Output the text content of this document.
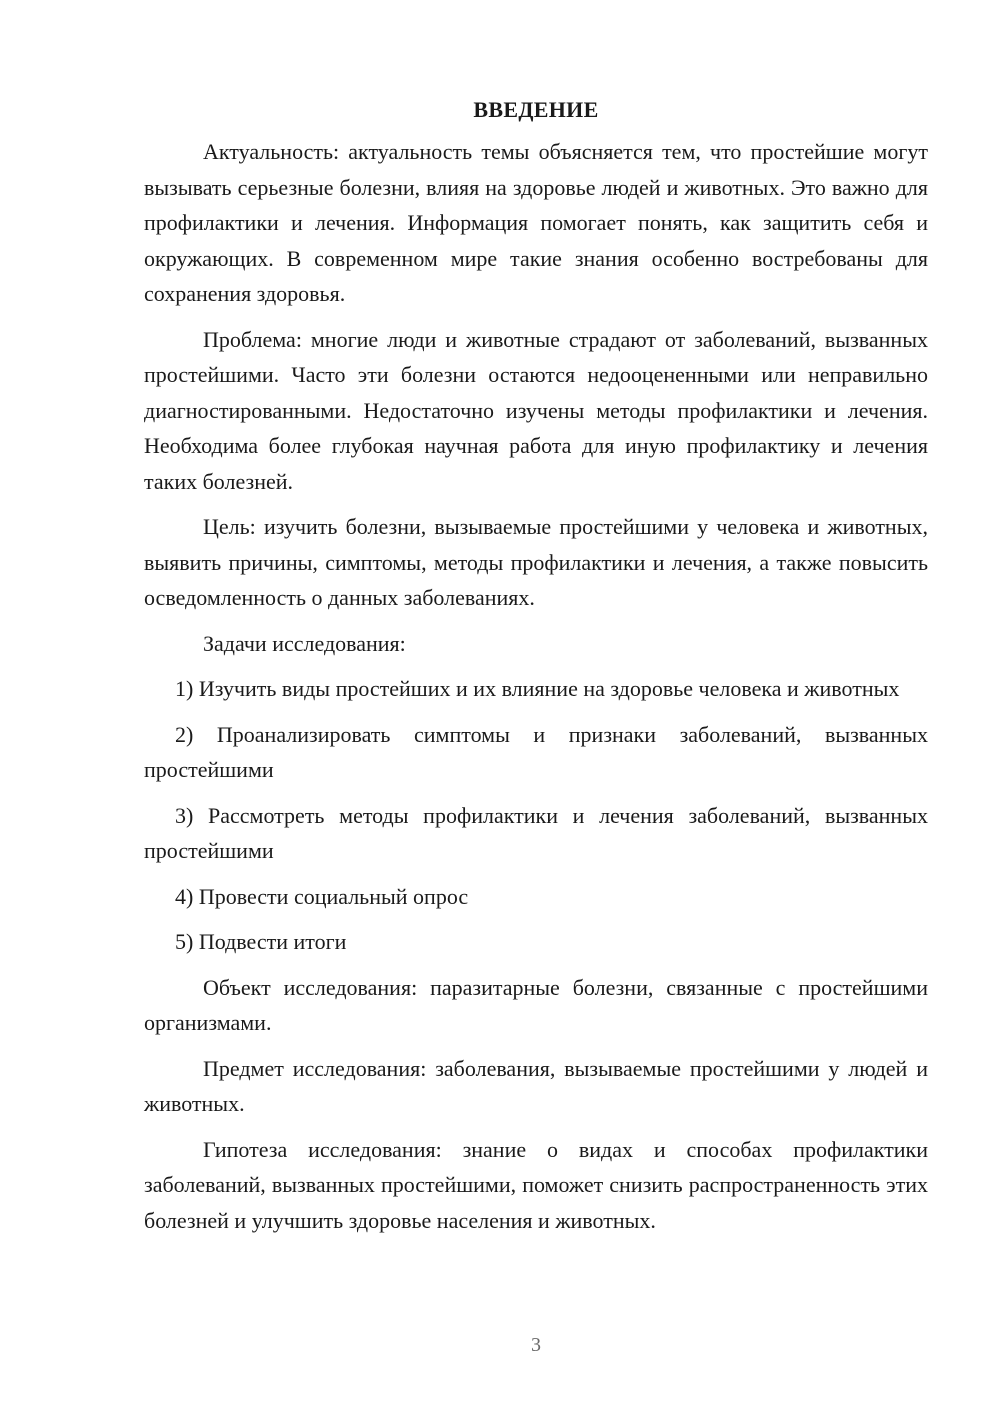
ВВЕДЕНИЕ

Актуальность: актуальность темы объясняется тем, что простейшие могут вызывать серьезные болезни, влияя на здоровье людей и животных. Это важно для профилактики и лечения. Информация помогает понять, как защитить себя и окружающих. В современном мире такие знания особенно востребованы для сохранения здоровья.

Проблема: многие люди и животные страдают от заболеваний, вызванных простейшими. Часто эти болезни остаются недооцененными или неправильно диагностированными. Недостаточно изучены методы профилактики и лечения. Необходима более глубокая научная работа для иную профилактику и лечения таких болезней.

Цель: изучить болезни, вызываемые простейшими у человека и животных, выявить причины, симптомы, методы профилактики и лечения, а также повысить осведомленность о данных заболеваниях.

Задачи исследования:

1) Изучить виды простейших и их влияние на здоровье человека и животных

2) Проанализировать симптомы и признаки заболеваний, вызванных простейшими

3) Рассмотреть методы профилактики и лечения заболеваний, вызванных простейшими

4) Провести социальный опрос

5) Подвести итоги

Объект исследования: паразитарные болезни, связанные с простейшими организмами.

Предмет исследования: заболевания, вызываемые простейшими у людей и животных.

Гипотеза исследования: знание о видах и способах профилактики заболеваний, вызванных простейшими, поможет снизить распространенность этих болезней и улучшить здоровье населения и животных.

3
